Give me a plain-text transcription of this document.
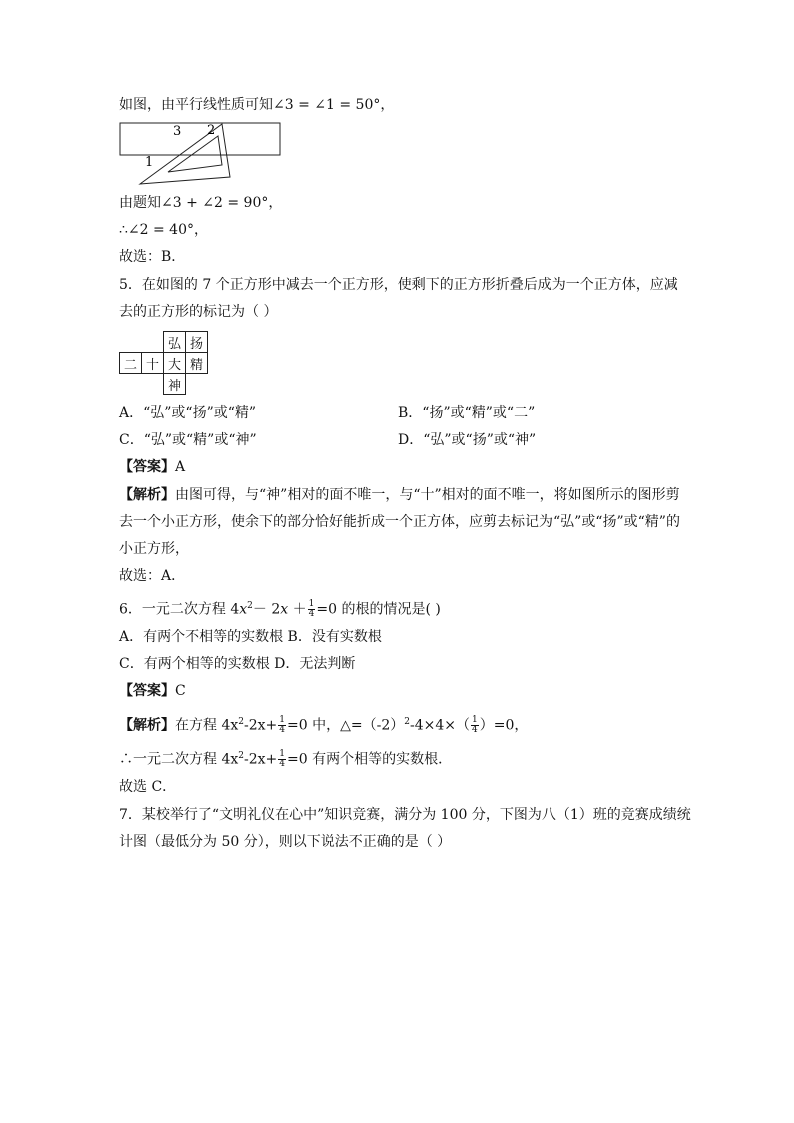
如图，由平行线性质可知∠3 = ∠1 = 50°，
3 2
1
由题知∠3 + ∠2 = 90°，
∴∠2 = 40°，
故选：B．
5．在如图的 7 个正方形中减去一个正方形，使剩下的正方形折叠后成为一个正方体，应减
去的正方形的标记为（ ）
		弘	扬
二	十	大	精
		神	
A．“弘”或“扬”或“精”	B．“扬”或“精”或“二”
C．“弘”或“精”或“神”	D．“弘”或“扬”或“神”
【答案】A
【解析】由图可得，与“神”相对的面不唯一，与“十”相对的面不唯一，将如图所示的图形剪
去一个小正方形，使余下的部分恰好能折成一个正方体，应剪去标记为“弘”或“扬”或“精”的
小正方形，
故选：A．
6．一元二次方程 $4x^2- 2x + \frac{1}{4} =0$ 的根的情况是( )
A．有两个不相等的实数根 B．没有实数根
C．有两个相等的实数根 D．无法判断
【答案】C
【解析】在方程 $4x^2-2x+ \frac{1}{4} =0$ 中，$\triangle=(-2)^2-4\times 4\times( \frac{1}{4} )=0$，
∴一元二次方程 $4x^2-2x+ \frac{1}{4} =0$ 有两个相等的实数根．
故选 C．
7．某校举行了“文明礼仪在心中”知识竞赛，满分为 100 分，下图为八（1）班的竞赛成绩统
计图（最低分为 50 分），则以下说法不正确的是（ ）
